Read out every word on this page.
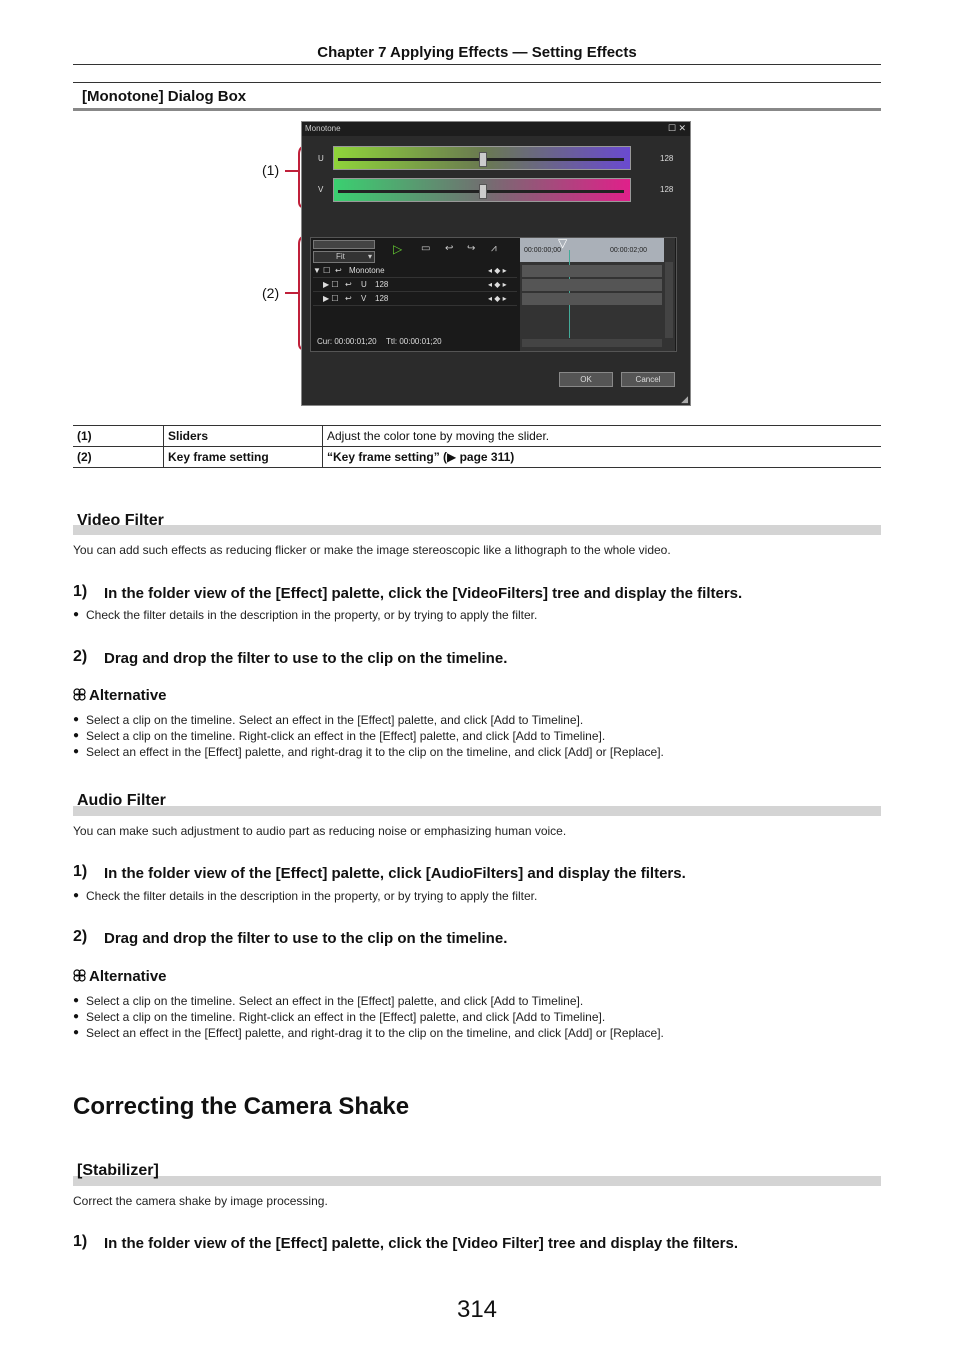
Chapter 7 Applying Effects — Setting Effects
[Monotone] Dialog Box
(1)
(2)
Monotone	☐ ✕
U	128
V	128
Fit	▾
▷ ▭ ↩ ↪ ⩘
▼ ☐ ↩ Monotone	◂ ◆ ▸
▶ ☐ ↩ U 128	◂ ◆ ▸
▶ ☐ ↩ V 128	◂ ◆ ▸
Cur: 00:00:01;20 Ttl: 00:00:01;20
00:00:00;00	00:00:02;00
▽
OK	Cancel
◢
(1)	Sliders	Adjust the color tone by moving the slider.
(2)	Key frame setting	“Key frame setting” (▶ page 311)
Video Filter
You can add such effects as reducing flicker or make the image stereoscopic like a lithograph to the whole video.
1) In the folder view of the [Effect] palette, click the [VideoFilters] tree and display the filters.
● Check the filter details in the description in the property, or by trying to apply the filter.
2) Drag and drop the filter to use to the clip on the timeline.
Alternative
● Select a clip on the timeline. Select an effect in the [Effect] palette, and click [Add to Timeline].
● Select a clip on the timeline. Right-click an effect in the [Effect] palette, and click [Add to Timeline].
● Select an effect in the [Effect] palette, and right-drag it to the clip on the timeline, and click [Add] or [Replace].
Audio Filter
You can make such adjustment to audio part as reducing noise or emphasizing human voice.
1) In the folder view of the [Effect] palette, click [AudioFilters] and display the filters.
● Check the filter details in the description in the property, or by trying to apply the filter.
2) Drag and drop the filter to use to the clip on the timeline.
Alternative
● Select a clip on the timeline. Select an effect in the [Effect] palette, and click [Add to Timeline].
● Select a clip on the timeline. Right-click an effect in the [Effect] palette, and click [Add to Timeline].
● Select an effect in the [Effect] palette, and right-drag it to the clip on the timeline, and click [Add] or [Replace].
Correcting the Camera Shake
[Stabilizer]
Correct the camera shake by image processing.
1) In the folder view of the [Effect] palette, click the [Video Filter] tree and display the filters.
314
